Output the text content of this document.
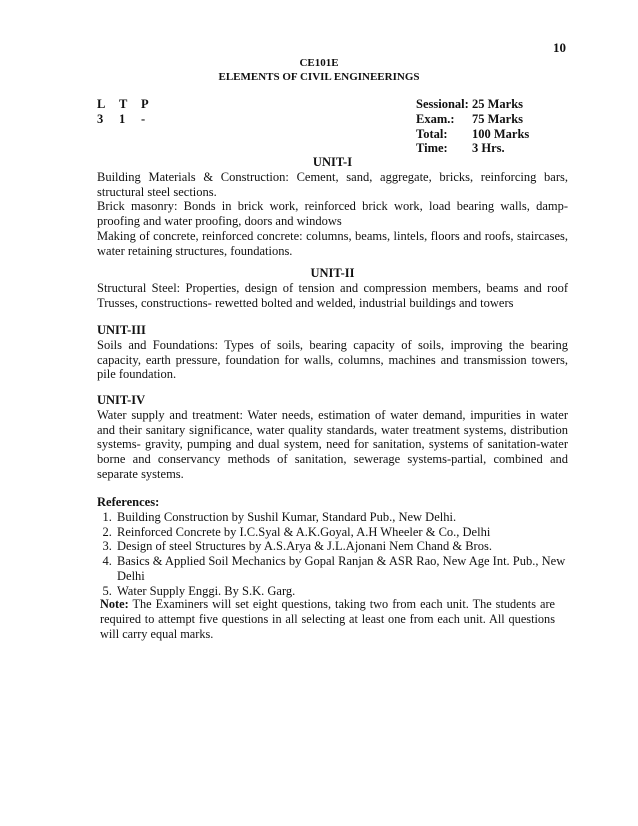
10
CE101E
ELEMENTS OF CIVIL ENGINEERINGS
L T P
3 1 -
Sessional: 25 Marks
Exam.: 75 Marks
Total: 100 Marks
Time: 3 Hrs.

UNIT-I

Building Materials & Construction: Cement, sand, aggregate, bricks, reinforcing bars, structural steel sections.

Brick masonry: Bonds in brick work, reinforced brick work, load bearing walls, damp-proofing and water proofing, doors and windows

Making of concrete, reinforced concrete: columns, beams, lintels, floors and roofs, staircases, water retaining structures, foundations.

UNIT-II

Structural Steel: Properties, design of tension and compression members, beams and roof Trusses, constructions- rewetted bolted and welded, industrial buildings and towers

UNIT-III

Soils and Foundations: Types of soils, bearing capacity of soils, improving the bearing capacity, earth pressure, foundation for walls, columns, machines and transmission towers, pile foundation.

UNIT-IV

Water supply and treatment: Water needs, estimation of water demand, impurities in water and their sanitary significance, water quality standards, water treatment systems, distribution systems- gravity, pumping and dual system, need for sanitation, systems of sanitation-water borne and conservancy methods of sanitation, sewerage systems-partial, combined and separate systems.

References:

1. Building Construction by Sushil Kumar, Standard Pub., New Delhi.
2. Reinforced Concrete by I.C.Syal & A.K.Goyal, A.H Wheeler & Co., Delhi
3. Design of steel Structures by A.S.Arya & J.L.Ajonani Nem Chand & Bros.
4. Basics & Applied Soil Mechanics by Gopal Ranjan & ASR Rao, New Age Int. Pub., New Delhi
5. Water Supply Enggi. By S.K. Garg.
Note: The Examiners will set eight questions, taking two from each unit. The students are required to attempt five questions in all selecting at least one from each unit. All questions will carry equal marks.
